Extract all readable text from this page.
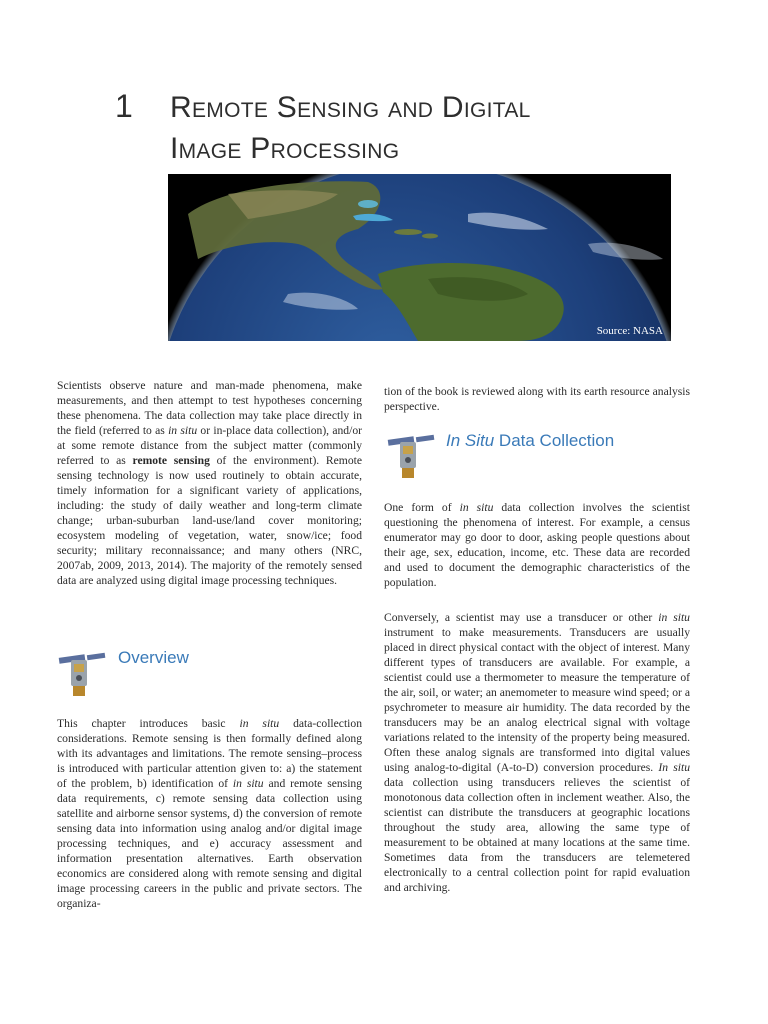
1 Remote Sensing and Digital
Image Processing
Source: NASA

Scientists observe nature and man-made phenomena, make measurements, and then attempt to test hypotheses concerning these phenomena. The data collection may take place directly in the field (referred to as in situ or in-place data collection), and/or at some remote distance from the subject matter (commonly referred to as remote sensing of the environment). Remote sensing technology is now used routinely to obtain accurate, timely information for a significant variety of applications, including: the study of daily weather and long-term climate change; urban-suburban land-use/land cover monitoring; ecosystem modeling of vegetation, water, snow/ice; food security; military reconnaissance; and many others (NRC, 2007ab, 2009, 2013, 2014). The majority of the remotely sensed data are analyzed using digital image processing techniques.

Overview

This chapter introduces basic in situ data-collection considerations. Remote sensing is then formally defined along with its advantages and limitations. The remote sensing–process is introduced with particular attention given to: a) the statement of the problem, b) identification of in situ and remote sensing data requirements, c) remote sensing data collection using satellite and airborne sensor systems, d) the conversion of remote sensing data into information using analog and/or digital image processing techniques, and e) accuracy assessment and information presentation alternatives. Earth observation economics are considered along with remote sensing and digital image processing careers in the public and private sectors. The organiza-

tion of the book is reviewed along with its earth resource analysis perspective.

In Situ Data Collection

One form of in situ data collection involves the scientist questioning the phenomena of interest. For example, a census enumerator may go door to door, asking people questions about their age, sex, education, income, etc. These data are recorded and used to document the demographic characteristics of the population.

Conversely, a scientist may use a transducer or other in situ instrument to make measurements. Transducers are usually placed in direct physical contact with the object of interest. Many different types of transducers are available. For example, a scientist could use a thermometer to measure the temperature of the air, soil, or water; an anemometer to measure wind speed; or a psychrometer to measure air humidity. The data recorded by the transducers may be an analog electrical signal with voltage variations related to the intensity of the property being measured. Often these analog signals are transformed into digital values using analog-to-digital (A-to-D) conversion procedures. In situ data collection using transducers relieves the scientist of monotonous data collection often in inclement weather. Also, the scientist can distribute the transducers at geographic locations throughout the study area, allowing the same type of measurement to be obtained at many locations at the same time. Sometimes data from the transducers are telemetered electronically to a central collection point for rapid evaluation and archiving.
